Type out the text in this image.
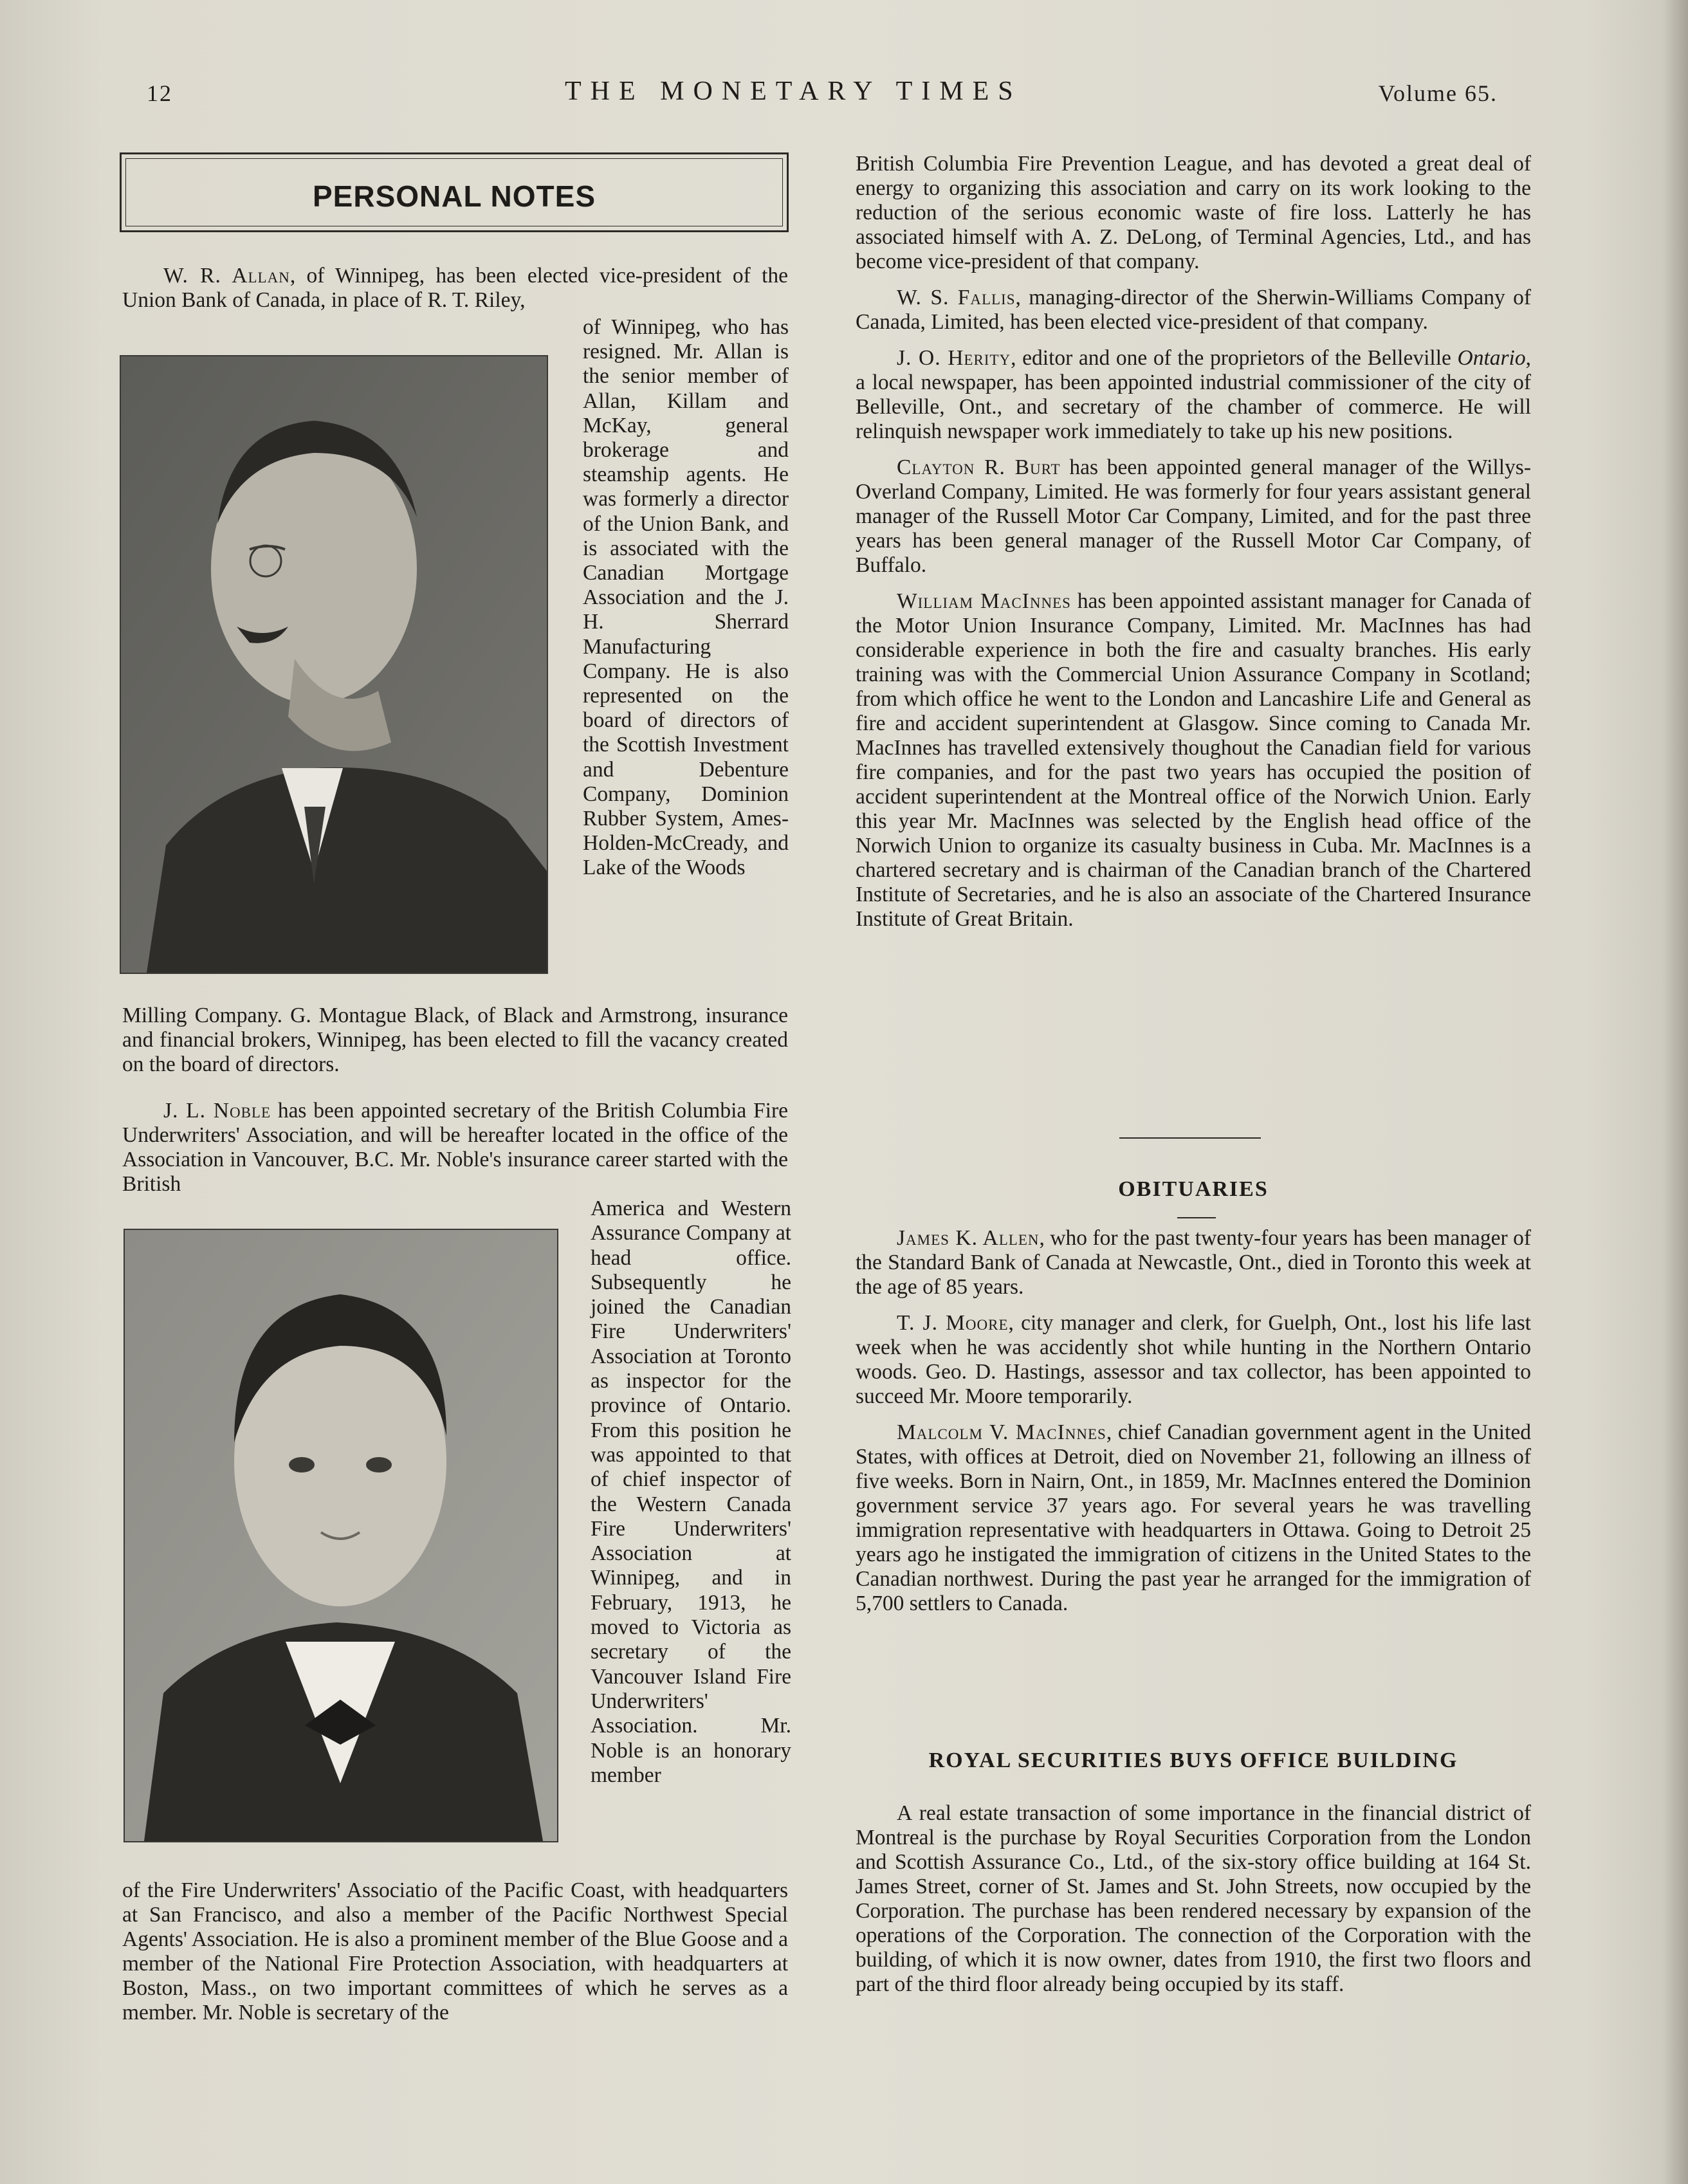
12	THE MONETARY TIMES	Volume 65.
PERSONAL NOTES

W. R. Allan, of Winnipeg, has been elected vice-president of the Union Bank of Canada, in place of R. T. Riley,

of Winnipeg, who has resigned. Mr. Allan is the senior member of Allan, Killam and McKay, general brokerage and steamship agents. He was formerly a director of the Union Bank, and is associated with the Canadian Mortgage Association and the J. H. Sherrard Manufacturing Company. He is also represented on the board of directors of the Scottish Investment and Debenture Company, Dominion Rubber System, Ames-Holden-McCready, and Lake of the Woods

Milling Company. G. Montague Black, of Black and Armstrong, insurance and financial brokers, Winnipeg, has been elected to fill the vacancy created on the board of directors.

J. L. Noble has been appointed secretary of the British Columbia Fire Underwriters' Association, and will be hereafter located in the office of the Association in Vancouver, B.C. Mr. Noble's insurance career started with the British

America and Western Assurance Company at head office. Subsequently he joined the Canadian Fire Underwriters' Association at Toronto as inspector for the province of Ontario. From this position he was appointed to that of chief inspector of the Western Canada Fire Underwriters' Association at Winnipeg, and in February, 1913, he moved to Victoria as secretary of the Vancouver Island Fire Underwriters' Association. Mr. Noble is an honorary member

of the Fire Underwriters' Associatio of the Pacific Coast, with headquarters at San Francisco, and also a member of the Pacific Northwest Special Agents' Association. He is also a prominent member of the Blue Goose and a member of the National Fire Protection Association, with headquarters at Boston, Mass., on two important committees of which he serves as a member. Mr. Noble is secretary of the

British Columbia Fire Prevention League, and has devoted a great deal of energy to organizing this association and carry on its work looking to the reduction of the serious economic waste of fire loss. Latterly he has associated himself with A. Z. DeLong, of Terminal Agencies, Ltd., and has become vice-president of that company.

W. S. Fallis, managing-director of the Sherwin-Williams Company of Canada, Limited, has been elected vice-president of that company.

J. O. Herity, editor and one of the proprietors of the Belleville Ontario, a local newspaper, has been appointed industrial commissioner of the city of Belleville, Ont., and secretary of the chamber of commerce. He will relinquish newspaper work immediately to take up his new positions.

Clayton R. Burt has been appointed general manager of the Willys-Overland Company, Limited. He was formerly for four years assistant general manager of the Russell Motor Car Company, Limited, and for the past three years has been general manager of the Russell Motor Car Company, of Buffalo.

William MacInnes has been appointed assistant manager for Canada of the Motor Union Insurance Company, Limited. Mr. MacInnes has had considerable experience in both the fire and casualty branches. His early training was with the Commercial Union Assurance Company in Scotland; from which office he went to the London and Lancashire Life and General as fire and accident superintendent at Glasgow. Since coming to Canada Mr. MacInnes has travelled extensively thoughout the Canadian field for various fire companies, and for the past two years has occupied the position of accident superintendent at the Montreal office of the Norwich Union. Early this year Mr. MacInnes was selected by the English head office of the Norwich Union to organize its casualty business in Cuba. Mr. MacInnes is a chartered secretary and is chairman of the Canadian branch of the Chartered Institute of Secretaries, and he is also an associate of the Chartered Insurance Institute of Great Britain.

OBITUARIES

James K. Allen, who for the past twenty-four years has been manager of the Standard Bank of Canada at Newcastle, Ont., died in Toronto this week at the age of 85 years.

T. J. Moore, city manager and clerk, for Guelph, Ont., lost his life last week when he was accidently shot while hunting in the Northern Ontario woods. Geo. D. Hastings, assessor and tax collector, has been appointed to succeed Mr. Moore temporarily.

Malcolm V. MacInnes, chief Canadian government agent in the United States, with offices at Detroit, died on November 21, following an illness of five weeks. Born in Nairn, Ont., in 1859, Mr. MacInnes entered the Dominion government service 37 years ago. For several years he was travelling immigration representative with headquarters in Ottawa. Going to Detroit 25 years ago he instigated the immigration of citizens in the United States to the Canadian northwest. During the past year he arranged for the immigration of 5,700 settlers to Canada.

ROYAL SECURITIES BUYS OFFICE BUILDING

A real estate transaction of some importance in the financial district of Montreal is the purchase by Royal Securities Corporation from the London and Scottish Assurance Co., Ltd., of the six-story office building at 164 St. James Street, corner of St. James and St. John Streets, now occupied by the Corporation. The purchase has been rendered necessary by expansion of the operations of the Corporation. The connection of the Corporation with the building, of which it is now owner, dates from 1910, the first two floors and part of the third floor already being occupied by its staff.
